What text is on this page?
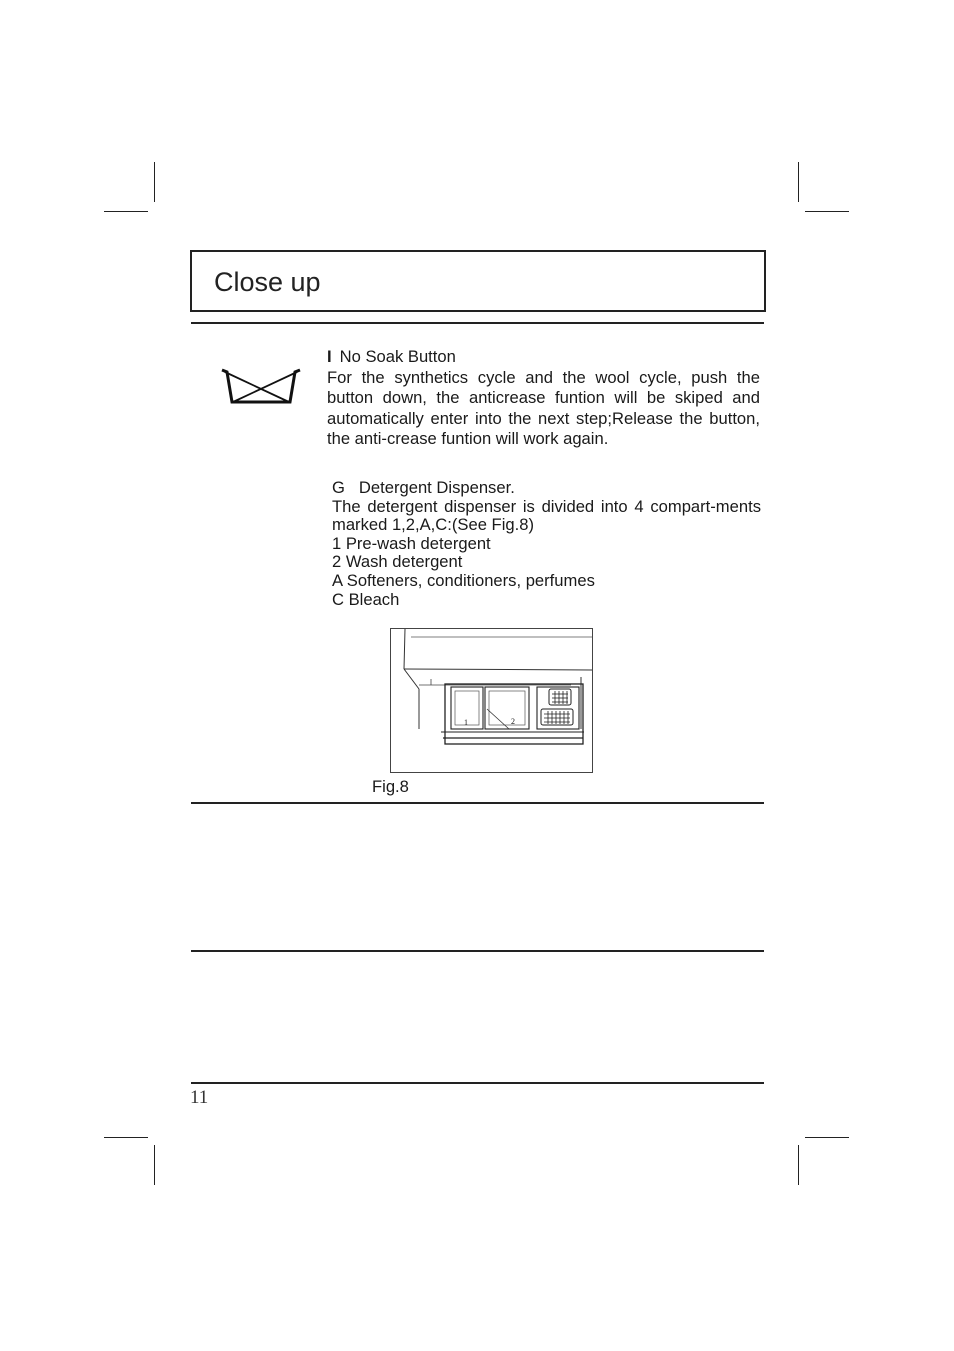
Close up
I No Soak Button
For the synthetics cycle and the wool cycle, push the button down, the anticrease funtion will be skiped and automatically enter into the next step;Release the button, the anti-crease funtion will work again.
G Detergent Dispenser.
The detergent dispenser is divided into 4 compart-ments marked 1,2,A,C:(See Fig.8)
1 Pre-wash detergent
2 Wash detergent
A Softeners, conditioners, perfumes
C Bleach
1	2
Fig.8
11
